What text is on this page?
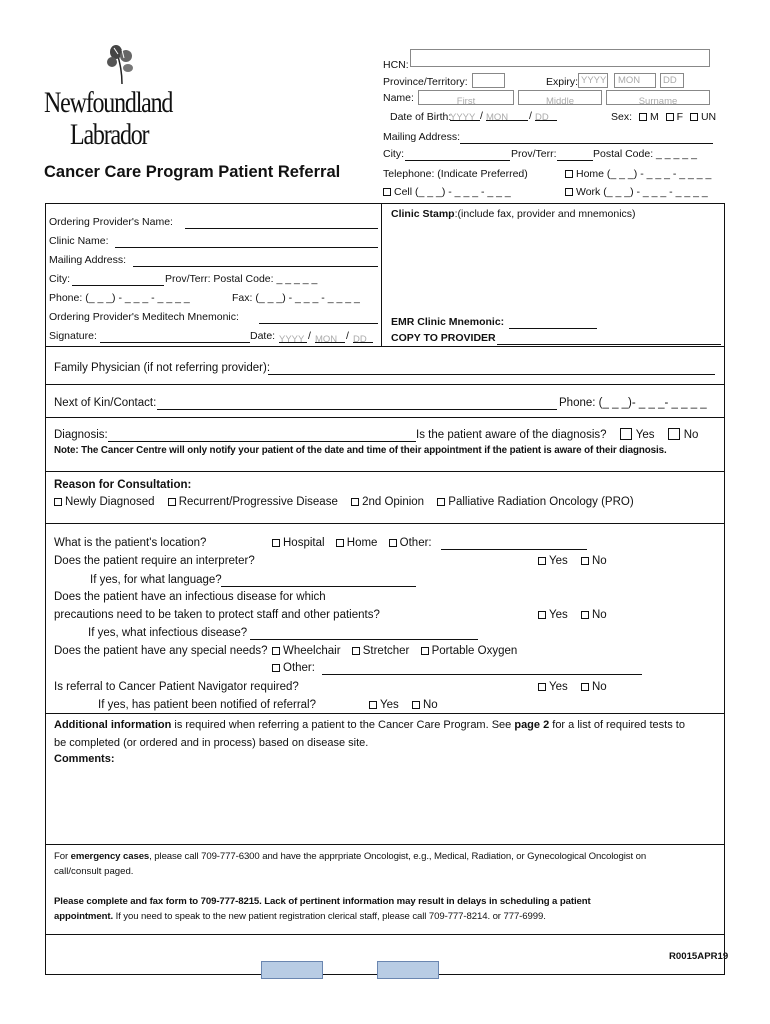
Newfoundland
Labrador
Cancer Care Program Patient Referral
HCN:
Province/Territory:	Expiry: YYYY MON DD
Name:	First	Middle	Surname
Date of Birth:
YYYY / MON	/ DD	Sex: M F UN
Mailing Address:
City:	Prov/Terr:	Postal Code: _ _ _ _ _
Telephone: (Indicate Preferred)	Home (_ _ _) - _ _ _ - _ _ _ _
Cell (_ _ _) - _ _ _ - _ _ _	Work (_ _ _) - _ _ _ - _ _ _ _
Ordering Provider's Name:
Clinic Name:
Mailing Address:
City:	Prov/Terr: Postal Code: _ _ _ _ _
Phone: (_ _ _) - _ _ _ - _ _ _ _	Fax: (_ _ _) - _ _ _ - _ _ _ _
Ordering Provider's Meditech Mnemonic:
Signature:	Date: YYYY / MON / DD
Clinic Stamp:(include fax, provider and mnemonics)
EMR Clinic Mnemonic:
COPY TO PROVIDER
Family Physician (if not referring provider):
Next of Kin/Contact:	Phone: (_ _ _)- _ _ _- _ _ _ _
Diagnosis:	Is the patient aware of the diagnosis?	Yes	No
Note: The Cancer Centre will only notify your patient of the date and time of their appointment if the patient is aware of their diagnosis.
Reason for Consultation:
Newly Diagnosed Recurrent/Progressive Disease 2nd Opinion Palliative Radiation Oncology (PRO)
What is the patient's location?	Hospital Home Other:
Does the patient require an interpreter?	Yes No
If yes, for what language?
Does the patient have an infectious disease for which
precautions need to be taken to protect staff and other patients?	Yes No
If yes, what infectious disease?
Does the patient have any special needs?	Wheelchair Stretcher Portable Oxygen
Other:
Is referral to Cancer Patient Navigator required?	Yes No
If yes, has patient been notified of referral?	Yes No
Additional information is required when referring a patient to the Cancer Care Program. See page 2 for a list of required tests to
be completed (or ordered and in process) based on disease site.
Comments:
For emergency cases, please call 709-777-6300 and have the apprpriate Oncologist, e.g., Medical, Radiation, or Gynecological Oncologist on
call/consult paged.
Please complete and fax form to 709-777-8215. Lack of pertinent information may result in delays in scheduling a patient
appointment. If you need to speak to the new patient registration clerical staff, please call 709-777-8214. or 777-6999.
R0015APR19
